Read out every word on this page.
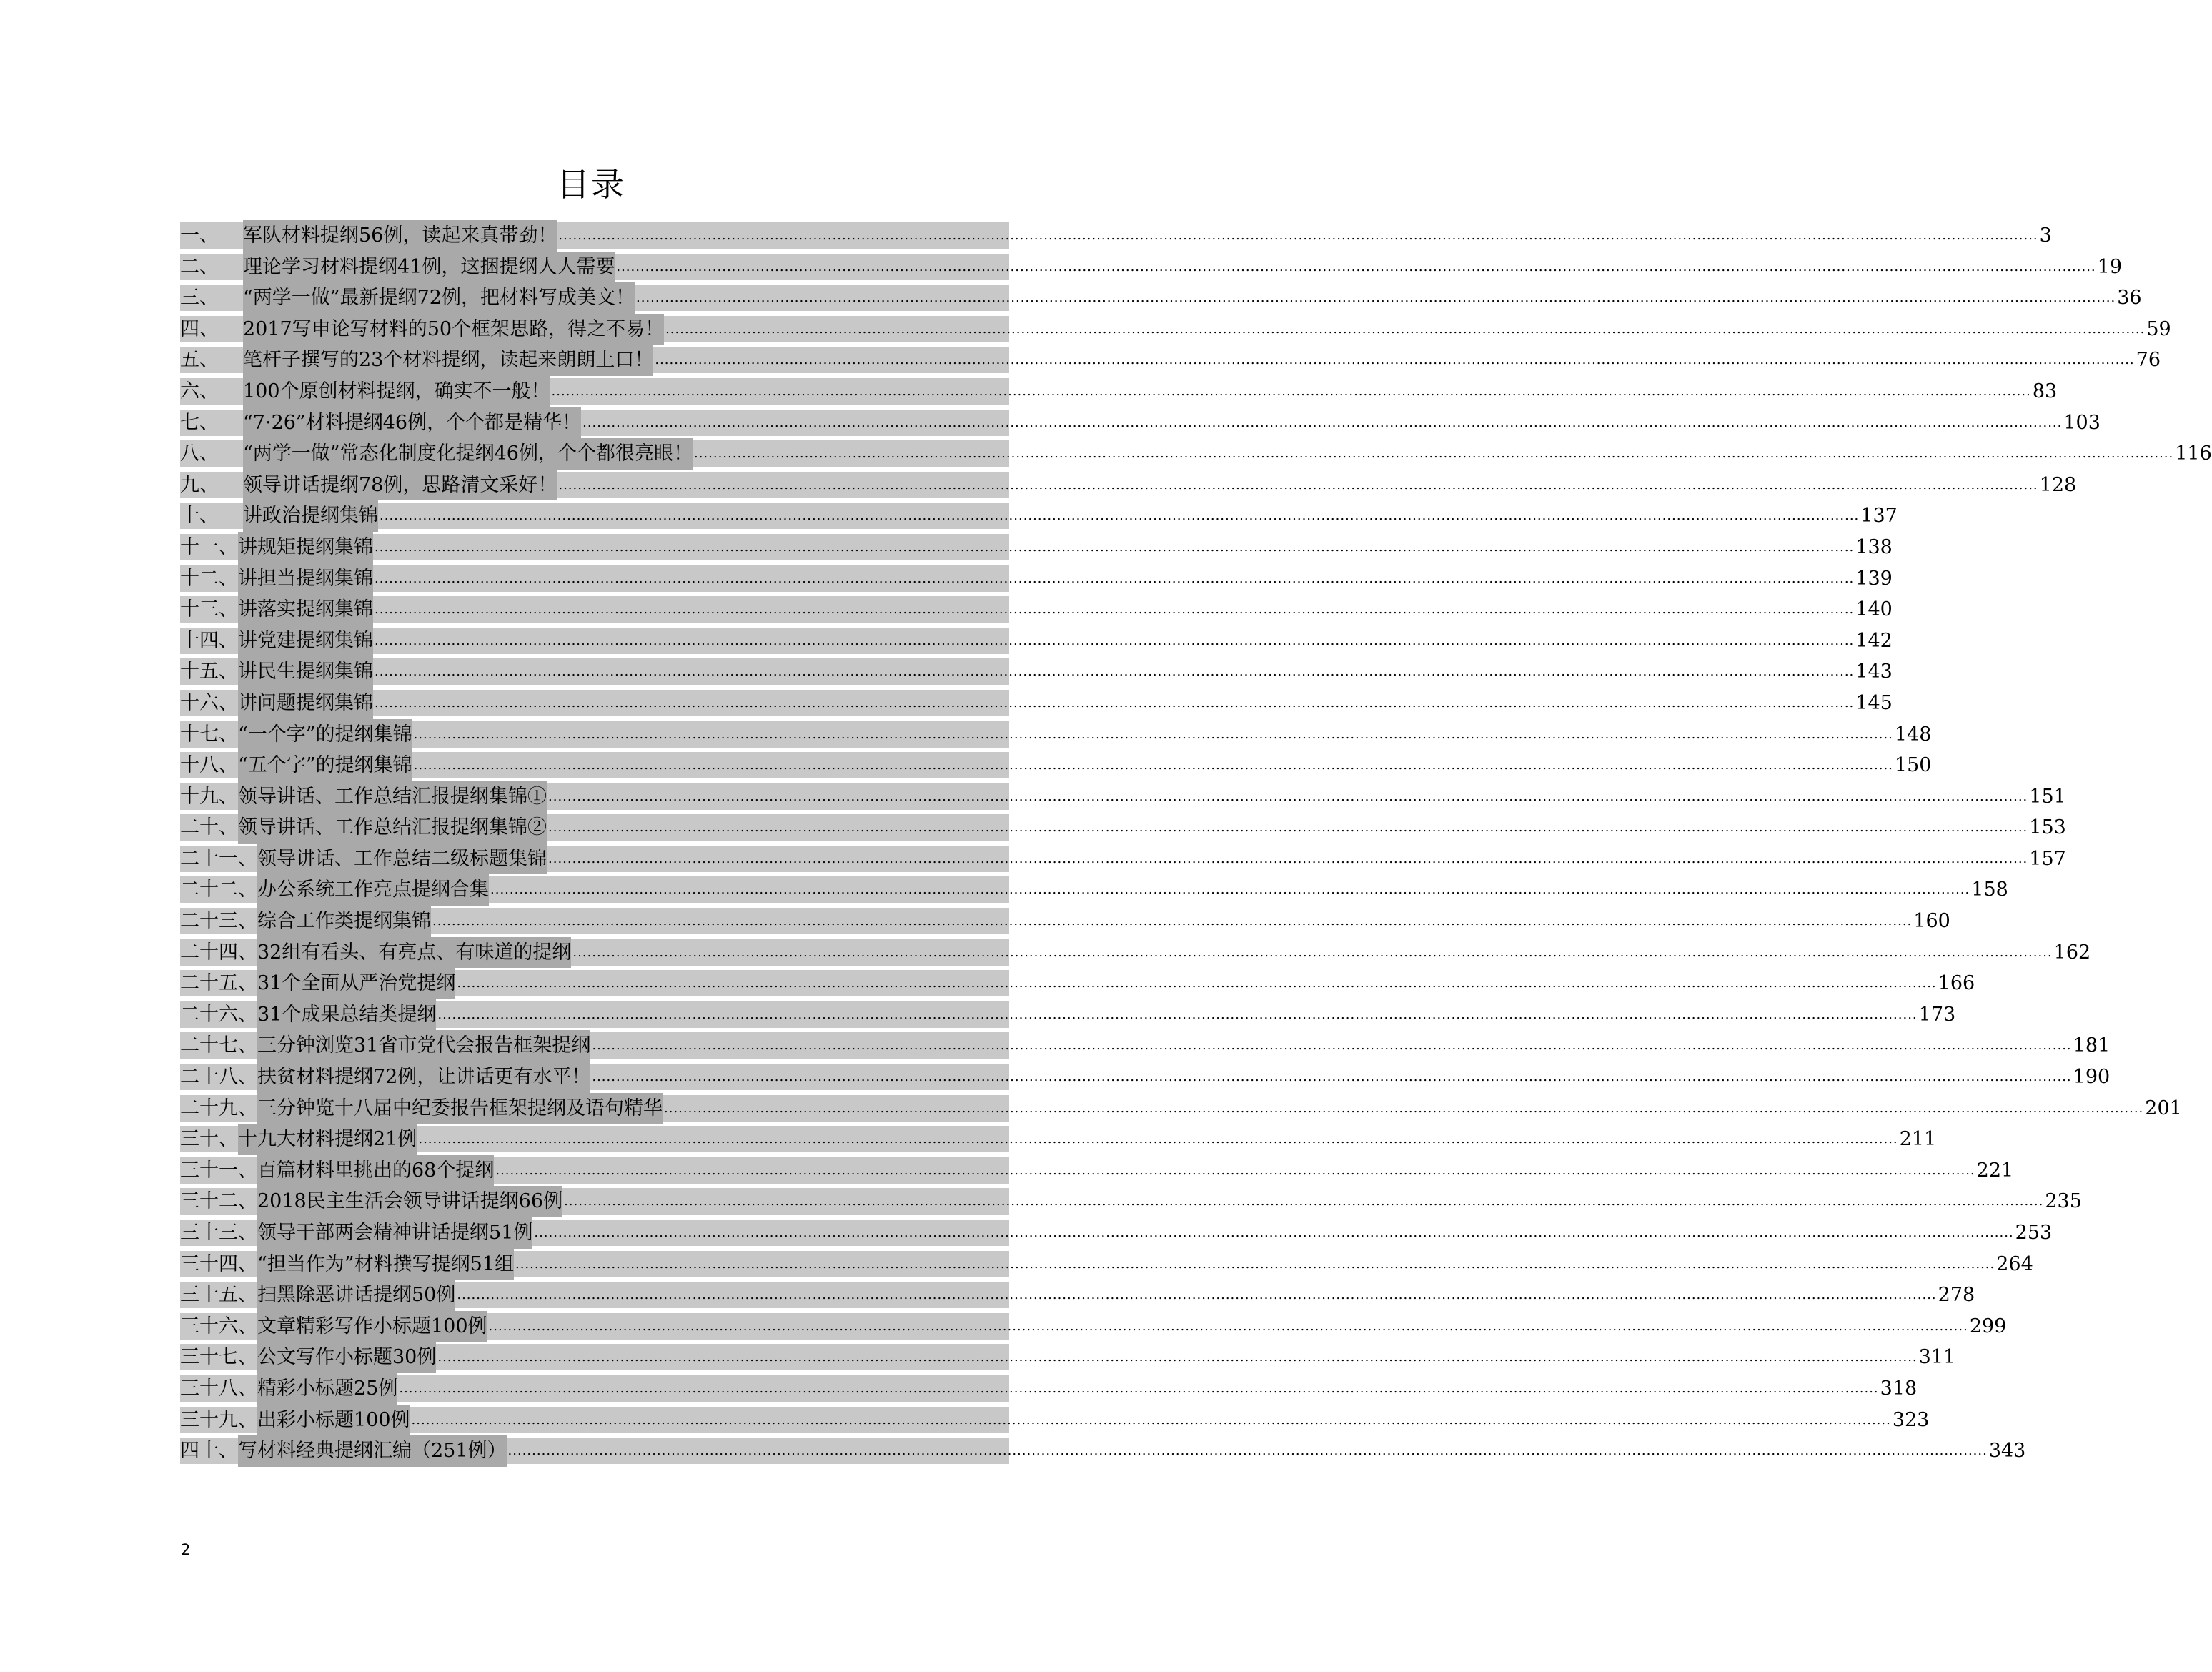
目录
一、	军队材料提纲56例，读起来真带劲！ .....	3
二、	理论学习材料提纲41例，这捆提纲人人需要 .....	19
三、	“两学一做”最新提纲72例，把材料写成美文！ .....	36
四、	2017写申论写材料的50个框架思路，得之不易！ .....	59
五、	笔杆子撰写的23个材料提纲，读起来朗朗上口！ .....	76
六、	100个原创材料提纲，确实不一般！ .....	83
七、	“7·26”材料提纲46例，个个都是精华！ .....	103
八、	“两学一做”常态化制度化提纲46例，个个都很亮眼！ .....	116
九、	领导讲话提纲78例，思路清文采好！ .....	128
十、	讲政治提纲集锦 .....	137
十一、 讲规矩提纲集锦 .....	138
十二、 讲担当提纲集锦 .....	139
十三、 讲落实提纲集锦 .....	140
十四、 讲党建提纲集锦 .....	142
十五、 讲民生提纲集锦 .....	143
十六、 讲问题提纲集锦 .....	145
十七、 “一个字”的提纲集锦 .....	148
十八、 “五个字”的提纲集锦 .....	150
十九、 领导讲话、工作总结汇报提纲集锦① .....	151
二十、 领导讲话、工作总结汇报提纲集锦② .....	153
二十一、 领导讲话、工作总结二级标题集锦 .....	157
二十二、 办公系统工作亮点提纲合集 .....	158
二十三、 综合工作类提纲集锦 .....	160
二十四、 32组有看头、有亮点、有味道的提纲 .....	162
二十五、 31个全面从严治党提纲 .....	166
二十六、 31个成果总结类提纲 .....	173
二十七、 三分钟浏览31省市党代会报告框架提纲 .....	181
二十八、 扶贫材料提纲72例，让讲话更有水平！ .....	190
二十九、 三分钟览十八届中纪委报告框架提纲及语句精华 .....	201
三十、 十九大材料提纲21例 .....	211
三十一、 百篇材料里挑出的68个提纲 .....	221
三十二、 2018民主生活会领导讲话提纲66例 .....	235
三十三、 领导干部两会精神讲话提纲51例 .....	253
三十四、 “担当作为”材料撰写提纲51组 .....	264
三十五、 扫黑除恶讲话提纲50例 .....	278
三十六、 文章精彩写作小标题100例 .....	299
三十七、 公文写作小标题30例 .....	311
三十八、 精彩小标题25例 .....	318
三十九、 出彩小标题100例 .....	323
四十、 写材料经典提纲汇编（251例） .....	343
2
